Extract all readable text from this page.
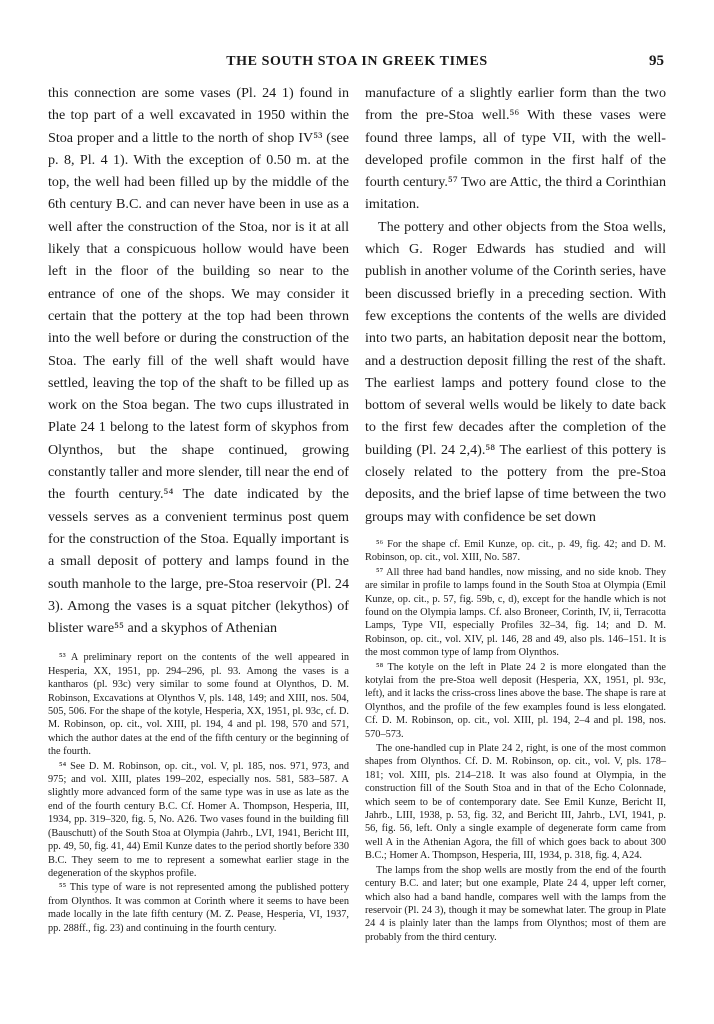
THE SOUTH STOA IN GREEK TIMES	95

this connection are some vases (Pl. 24 1) found in the top part of a well excavated in 1950 within the Stoa proper and a little to the north of shop IV⁵³ (see p. 8, Pl. 4 1). With the exception of 0.50 m. at the top, the well had been filled up by the middle of the 6th century B.C. and can never have been in use as a well after the construction of the Stoa, nor is it at all likely that a conspicuous hollow would have been left in the floor of the building so near to the entrance of one of the shops. We may consider it certain that the pottery at the top had been thrown into the well before or during the construction of the Stoa. The early fill of the well shaft would have settled, leaving the top of the shaft to be filled up as work on the Stoa began. The two cups illustrated in Plate 24 1 belong to the latest form of skyphos from Olynthos, but the shape continued, growing constantly taller and more slender, till near the end of the fourth century.⁵⁴ The date indicated by the vessels serves as a convenient terminus post quem for the construction of the Stoa. Equally important is a small deposit of pottery and lamps found in the south manhole to the large, pre-Stoa reservoir (Pl. 24 3). Among the vases is a squat pitcher (lekythos) of blister ware⁵⁵ and a skyphos of Athenian

⁵³ A preliminary report on the contents of the well appeared in Hesperia, XX, 1951, pp. 294–296, pl. 93. Among the vases is a kantharos (pl. 93c) very similar to some found at Olynthos, D. M. Robinson, Excavations at Olynthos V, pls. 148, 149; and XIII, nos. 504, 505, 506. For the shape of the kotyle, Hesperia, XX, 1951, pl. 93c, cf. D. M. Robinson, op. cit., vol. XIII, pl. 194, 4 and pl. 198, 570 and 571, which the author dates at the end of the fifth century or the beginning of the fourth.

⁵⁴ See D. M. Robinson, op. cit., vol. V, pl. 185, nos. 971, 973, and 975; and vol. XIII, plates 199–202, especially nos. 581, 583–587. A slightly more advanced form of the same type was in use as late as the end of the fourth century B.C. Cf. Homer A. Thompson, Hesperia, III, 1934, pp. 319–320, fig. 5, No. A26. Two vases found in the building fill (Bauschutt) of the South Stoa at Olympia (Jahrb., LVI, 1941, Bericht III, pp. 49, 50, fig. 41, 44) Emil Kunze dates to the period shortly before 330 B.C. They seem to me to represent a somewhat earlier stage in the degeneration of the skyphos profile.

⁵⁵ This type of ware is not represented among the published pottery from Olynthos. It was common at Corinth where it seems to have been made locally in the late fifth century (M. Z. Pease, Hesperia, VI, 1937, pp. 288ff., fig. 23) and continuing in the fourth century.

manufacture of a slightly earlier form than the two from the pre-Stoa well.⁵⁶ With these vases were found three lamps, all of type VII, with the well-developed profile common in the first half of the fourth century.⁵⁷ Two are Attic, the third a Corinthian imitation.

The pottery and other objects from the Stoa wells, which G. Roger Edwards has studied and will publish in another volume of the Corinth series, have been discussed briefly in a preceding section. With few exceptions the contents of the wells are divided into two parts, an habitation deposit near the bottom, and a destruction deposit filling the rest of the shaft. The earliest lamps and pottery found close to the bottom of several wells would be likely to date back to the first few decades after the completion of the building (Pl. 24 2,4).⁵⁸ The earliest of this pottery is closely related to the pottery from the pre-Stoa deposits, and the brief lapse of time between the two groups may with confidence be set down

⁵⁶ For the shape cf. Emil Kunze, op. cit., p. 49, fig. 42; and D. M. Robinson, op. cit., vol. XIII, No. 587.

⁵⁷ All three had band handles, now missing, and no side knob. They are similar in profile to lamps found in the South Stoa at Olympia (Emil Kunze, op. cit., p. 57, fig. 59b, c, d), except for the handle which is not found on the Olympia lamps. Cf. also Broneer, Corinth, IV, ii, Terracotta Lamps, Type VII, especially Profiles 32–34, fig. 14; and D. M. Robinson, op. cit., vol. XIV, pl. 146, 28 and 49, also pls. 146–151. It is the most common type of lamp from Olynthos.

⁵⁸ The kotyle on the left in Plate 24 2 is more elongated than the kotylai from the pre-Stoa well deposit (Hesperia, XX, 1951, pl. 93c, left), and it lacks the criss-cross lines above the base. The shape is rare at Olynthos, and the profile of the few examples found is less elongated. Cf. D. M. Robinson, op. cit., vol. XIII, pl. 194, 2–4 and pl. 198, nos. 570–573.

The one-handled cup in Plate 24 2, right, is one of the most common shapes from Olynthos. Cf. D. M. Robinson, op. cit., vol. V, pls. 178–181; vol. XIII, pls. 214–218. It was also found at Olympia, in the construction fill of the South Stoa and in that of the Echo Colonnade, which seem to be of contemporary date. See Emil Kunze, Bericht II, Jahrb., LIII, 1938, p. 53, fig. 32, and Bericht III, Jahrb., LVI, 1941, p. 56, fig. 56, left. Only a single example of degenerate form came from well A in the Athenian Agora, the fill of which goes back to about 300 B.C.; Homer A. Thompson, Hesperia, III, 1934, p. 318, fig. 4, A24.

The lamps from the shop wells are mostly from the end of the fourth century B.C. and later; but one example, Plate 24 4, upper left corner, which also had a band handle, compares well with the lamps from the reservoir (Pl. 24 3), though it may be somewhat later. The group in Plate 24 4 is plainly later than the lamps from Olynthos; most of them are probably from the third century.
